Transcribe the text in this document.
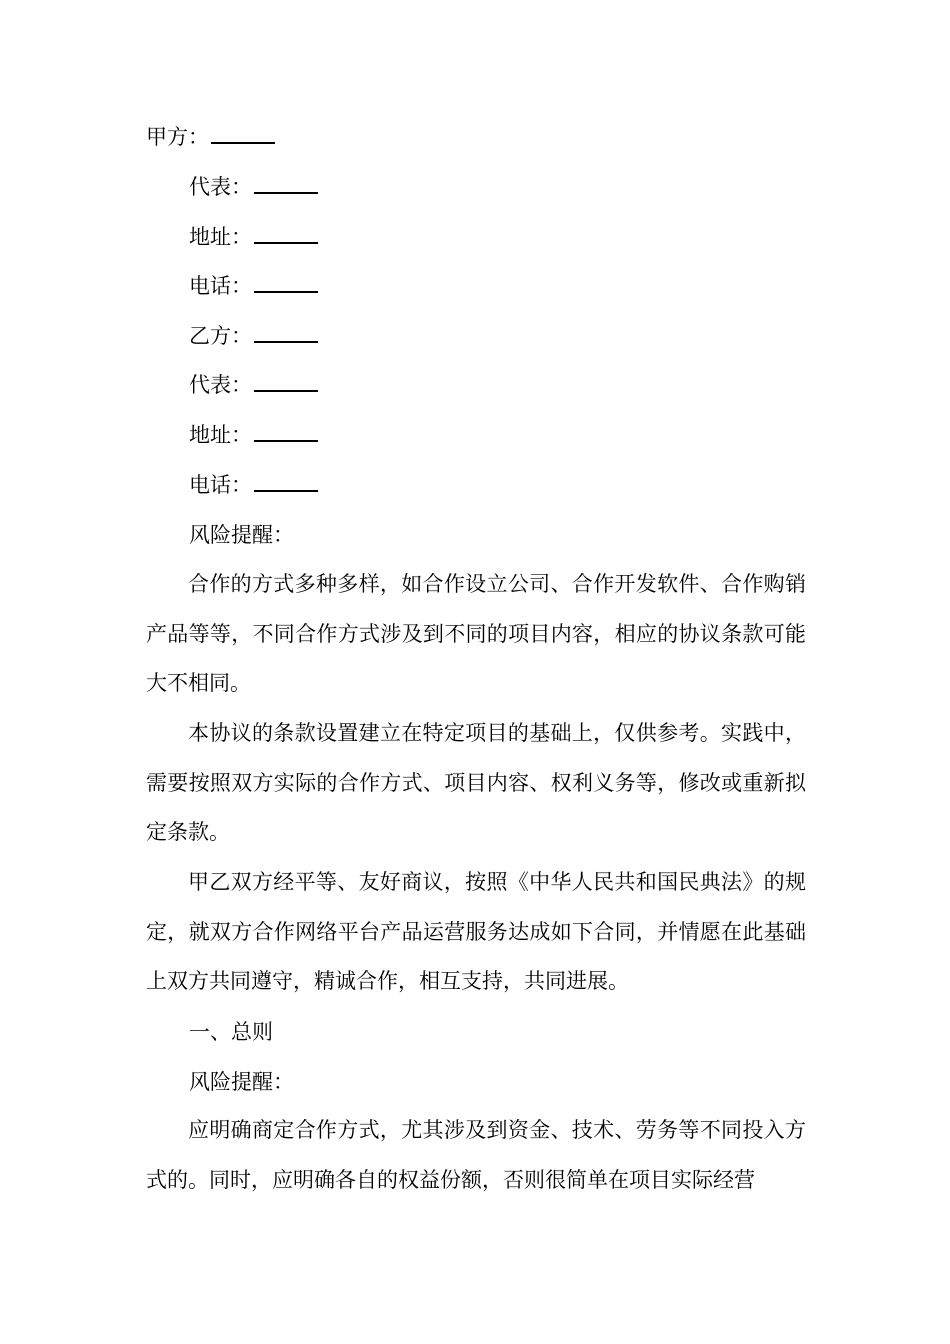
甲方：
代表：
地址：
电话：
乙方：
代表：
地址：
电话：
风险提醒：
合作的方式多种多样，如合作设立公司、合作开发软件、合作购销产品等等，不同合作方式涉及到不同的项目内容，相应的协议条款可能大不相同。
本协议的条款设置建立在特定项目的基础上，仅供参考。实践中，需要按照双方实际的合作方式、项目内容、权利义务等，修改或重新拟定条款。
甲乙双方经平等、友好商议，按照《中华人民共和国民典法》的规定，就双方合作网络平台产品运营服务达成如下合同，并情愿在此基础上双方共同遵守，精诚合作，相互支持，共同进展。
一、总则
风险提醒：
应明确商定合作方式，尤其涉及到资金、技术、劳务等不同投入方式的。同时，应明确各自的权益份额，否则很简单在项目实际经营
